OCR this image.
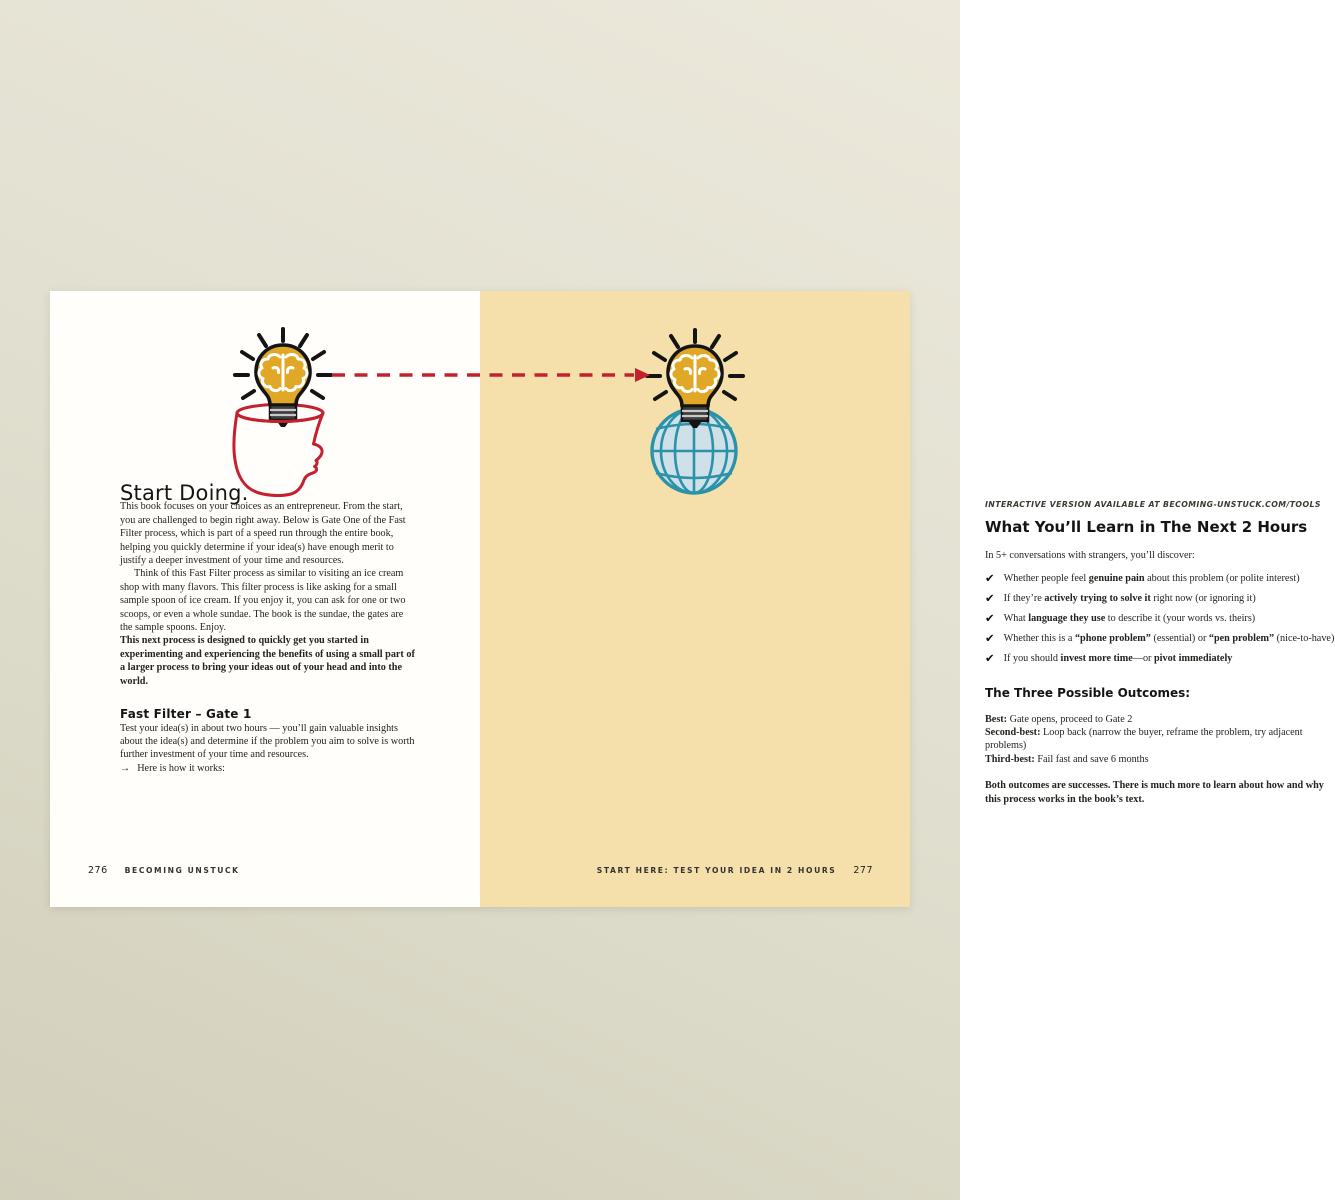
Start Doing.

This book focuses on your choices as an entrepreneur. From the start, you are challenged to begin right away. Below is Gate One of the Fast Filter process, which is part of a speed run through the entire book, helping you quickly determine if your idea(s) have enough merit to justify a deeper investment of your time and resources.

Think of this Fast Filter process as similar to visiting an ice cream shop with many flavors. This filter process is like asking for a small sample spoon of ice cream. If you enjoy it, you can ask for one or two scoops, or even a whole sundae. The book is the sundae, the gates are the sample spoons. Enjoy.

This next process is designed to quickly get you started in experimenting and experiencing the benefits of using a small part of a larger process to bring your ideas out of your head and into the world.

Fast Filter – Gate 1

Test your idea(s) in about two hours — you’ll gain valuable insights about the idea(s) and determine if the problem you aim to solve is worth further investment of your time and resources.

→ Here is how it works:

276 BECOMING UNSTUCK
INTERACTIVE VERSION AVAILABLE AT BECOMING-UNSTUCK.COM/TOOLS
What You’ll Learn in The Next 2 Hours

In 5+ conversations with strangers, you’ll discover:

✔ Whether people feel genuine pain about this problem (or polite interest)
✔ If they’re actively trying to solve it right now (or ignoring it)
✔ What language they use to describe it (your words vs. theirs)
✔ Whether this is a “phone problem” (essential) or “pen problem” (nice-to-have)
✔ If you should invest more time—or pivot immediately
The Three Possible Outcomes:
Best: Gate opens, proceed to Gate 2
Second-best: Loop back (narrow the buyer, reframe the problem, try adjacent problems)
Third-best: Fail fast and save 6 months

Both outcomes are successes. There is much more to learn about how and why this process works in the book’s text.

START HERE: TEST YOUR IDEA IN 2 HOURS 277
